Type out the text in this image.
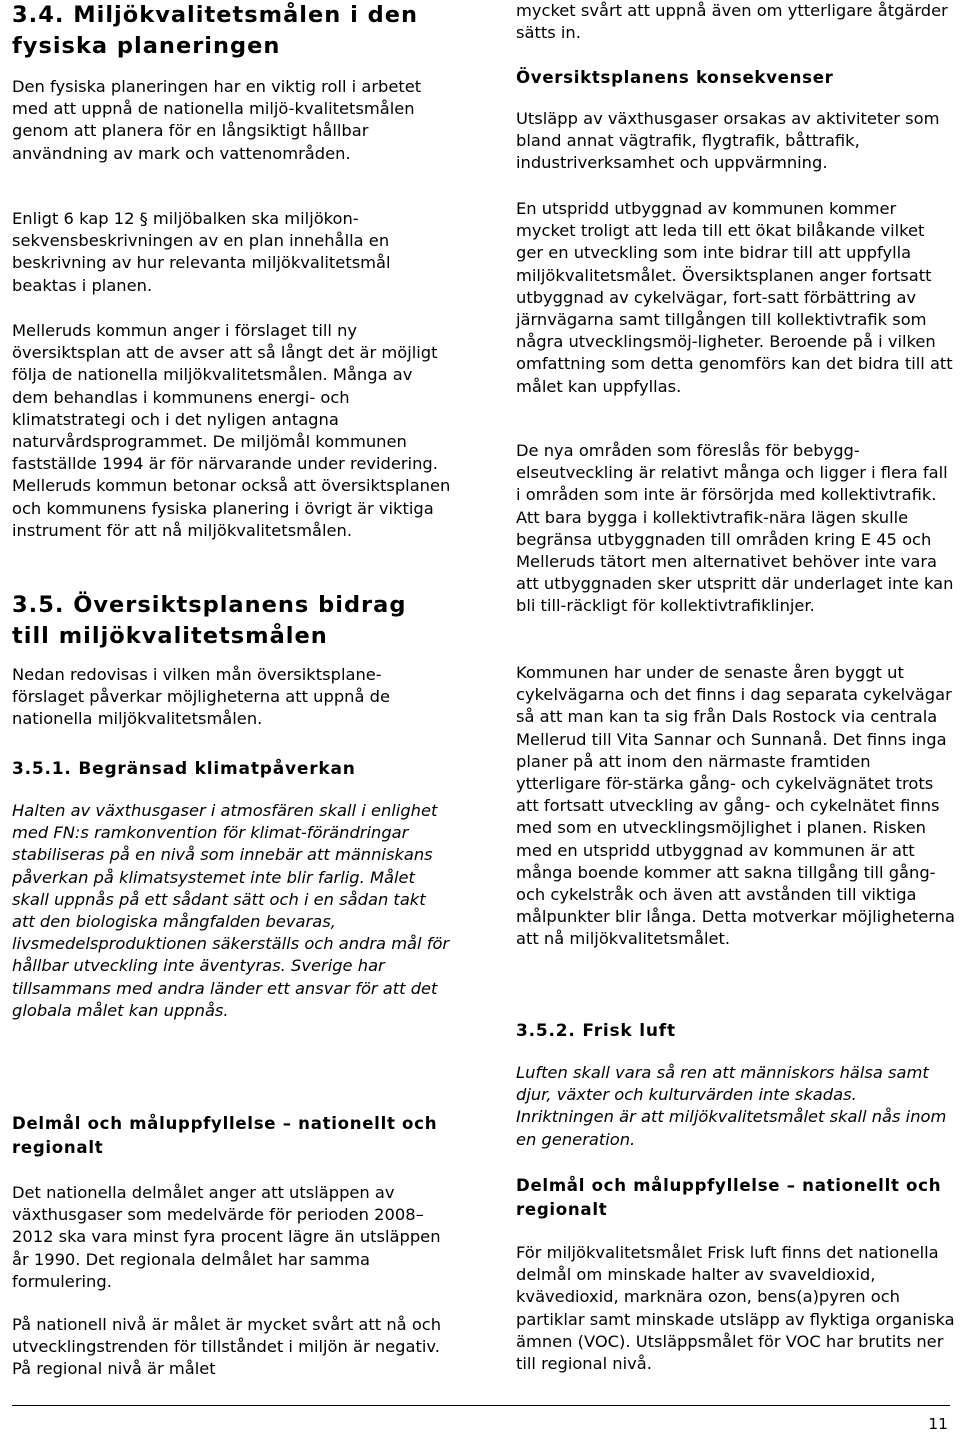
3.4. Miljökvalitetsmålen i den fysiska planeringen

Den fysiska planeringen har en viktig roll i arbetet med att uppnå de nationella miljö-kvalitetsmålen genom att planera för en långsiktigt hållbar användning av mark och vattenområden.

Enligt 6 kap 12 § miljöbalken ska miljökon-sekvensbeskrivningen av en plan innehålla en beskrivning av hur relevanta miljökvalitetsmål beaktas i planen.

Melleruds kommun anger i förslaget till ny översiktsplan att de avser att så långt det är möjligt följa de nationella miljökvalitetsmålen. Många av dem behandlas i kommunens energi- och klimatstrategi och i det nyligen antagna naturvårdsprogrammet. De miljömål kommunen fastställde 1994 är för närvarande under revidering. Melleruds kommun betonar också att översiktsplanen och kommunens fysiska planering i övrigt är viktiga instrument för att nå miljökvalitetsmålen.

3.5. Översiktsplanens bidrag till miljökvalitetsmålen

Nedan redovisas i vilken mån översiktsplane-förslaget påverkar möjligheterna att uppnå de nationella miljökvalitetsmålen.

3.5.1. Begränsad klimatpåverkan

Halten av växthusgaser i atmosfären skall i enlighet med FN:s ramkonvention för klimat-förändringar stabiliseras på en nivå som innebär att människans påverkan på klimatsystemet inte blir farlig. Målet skall uppnås på ett sådant sätt och i en sådan takt att den biologiska mångfalden bevaras, livsmedelsproduktionen säkerställs och andra mål för hållbar utveckling inte äventyras. Sverige har tillsammans med andra länder ett ansvar för att det globala målet kan uppnås.

Delmål och måluppfyllelse – nationellt och regionalt

Det nationella delmålet anger att utsläppen av växthusgaser som medelvärde för perioden 2008–2012 ska vara minst fyra procent lägre än utsläppen år 1990. Det regionala delmålet har samma formulering.

På nationell nivå är målet är mycket svårt att nå och utvecklingstrenden för tillståndet i miljön är negativ. På regional nivå är målet

mycket svårt att uppnå även om ytterligare åtgärder sätts in.

Översiktsplanens konsekvenser

Utsläpp av växthusgaser orsakas av aktiviteter som bland annat vägtrafik, flygtrafik, båttrafik, industriverksamhet och uppvärmning.

En utspridd utbyggnad av kommunen kommer mycket troligt att leda till ett ökat bilåkande vilket ger en utveckling som inte bidrar till att uppfylla miljökvalitetsmålet. Översiktsplanen anger fortsatt utbyggnad av cykelvägar, fort-satt förbättring av järnvägarna samt tillgången till kollektivtrafik som några utvecklingsmöj-ligheter. Beroende på i vilken omfattning som detta genomförs kan det bidra till att målet kan uppfyllas.

De nya områden som föreslås för bebygg-elseutveckling är relativt många och ligger i flera fall i områden som inte är försörjda med kollektivtrafik. Att bara bygga i kollektivtrafik-nära lägen skulle begränsa utbyggnaden till områden kring E 45 och Melleruds tätort men alternativet behöver inte vara att utbyggnaden sker utspritt där underlaget inte kan bli till-räckligt för kollektivtrafiklinjer.

Kommunen har under de senaste åren byggt ut cykelvägarna och det finns i dag separata cykelvägar så att man kan ta sig från Dals Rostock via centrala Mellerud till Vita Sannar och Sunnanå. Det finns inga planer på att inom den närmaste framtiden ytterligare för-stärka gång- och cykelvägnätet trots att fortsatt utveckling av gång- och cykelnätet finns med som en utvecklingsmöjlighet i planen. Risken med en utspridd utbyggnad av kommunen är att många boende kommer att sakna tillgång till gång- och cykelstråk och även att avstånden till viktiga målpunkter blir långa. Detta motverkar möjligheterna att nå miljökvalitetsmålet.

3.5.2. Frisk luft

Luften skall vara så ren att människors hälsa samt djur, växter och kulturvärden inte skadas. Inriktningen är att miljökvalitetsmålet skall nås inom en generation.

Delmål och måluppfyllelse – nationellt och regionalt

För miljökvalitetsmålet Frisk luft finns det nationella delmål om minskade halter av svaveldioxid, kvävedioxid, marknära ozon, bens(a)pyren och partiklar samt minskade utsläpp av flyktiga organiska ämnen (VOC). Utsläppsmålet för VOC har brutits ner till regional nivå.

11
